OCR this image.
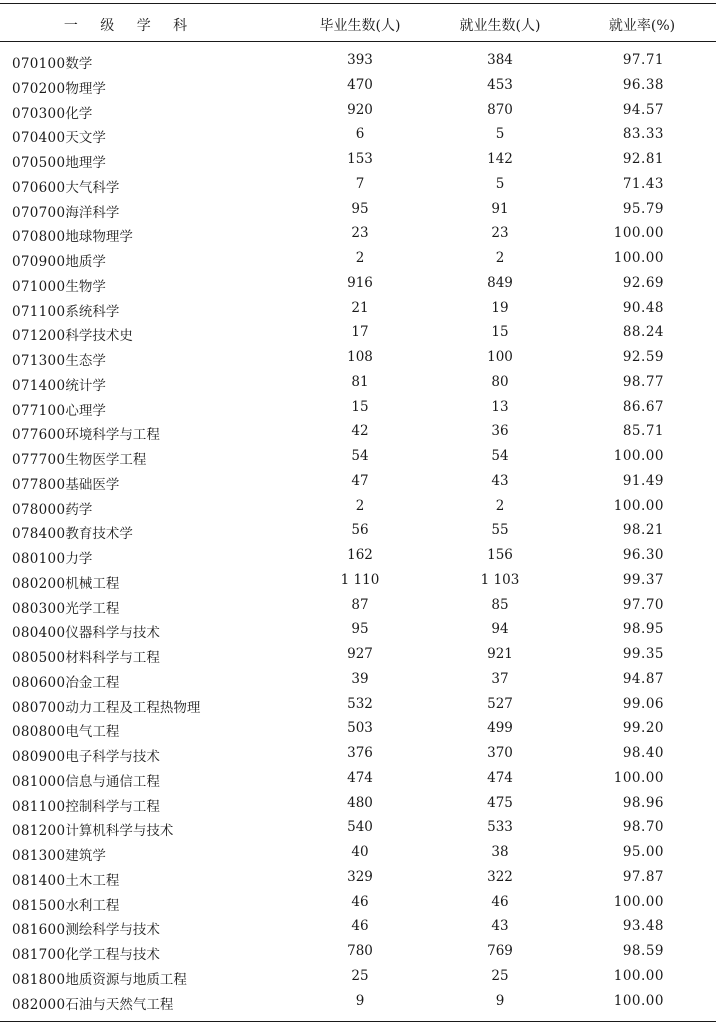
一 级 学 科	毕业生数(人)	就业生数(人)	就业率(%)
070100数学	393	384	97.71
070200物理学	470	453	96.38
070300化学	920	870	94.57
070400天文学	6	5	83.33
070500地理学	153	142	92.81
070600大气科学	7	5	71.43
070700海洋科学	95	91	95.79
070800地球物理学	23	23	100.00
070900地质学	2	2	100.00
071000生物学	916	849	92.69
071100系统科学	21	19	90.48
071200科学技术史	17	15	88.24
071300生态学	108	100	92.59
071400统计学	81	80	98.77
077100心理学	15	13	86.67
077600环境科学与工程	42	36	85.71
077700生物医学工程	54	54	100.00
077800基础医学	47	43	91.49
078000药学	2	2	100.00
078400教育技术学	56	55	98.21
080100力学	162	156	96.30
080200机械工程	1 110	1 103	99.37
080300光学工程	87	85	97.70
080400仪器科学与技术	95	94	98.95
080500材料科学与工程	927	921	99.35
080600冶金工程	39	37	94.87
080700动力工程及工程热物理	532	527	99.06
080800电气工程	503	499	99.20
080900电子科学与技术	376	370	98.40
081000信息与通信工程	474	474	100.00
081100控制科学与工程	480	475	98.96
081200计算机科学与技术	540	533	98.70
081300建筑学	40	38	95.00
081400土木工程	329	322	97.87
081500水利工程	46	46	100.00
081600测绘科学与技术	46	43	93.48
081700化学工程与技术	780	769	98.59
081800地质资源与地质工程	25	25	100.00
082000石油与天然气工程	9	9	100.00
